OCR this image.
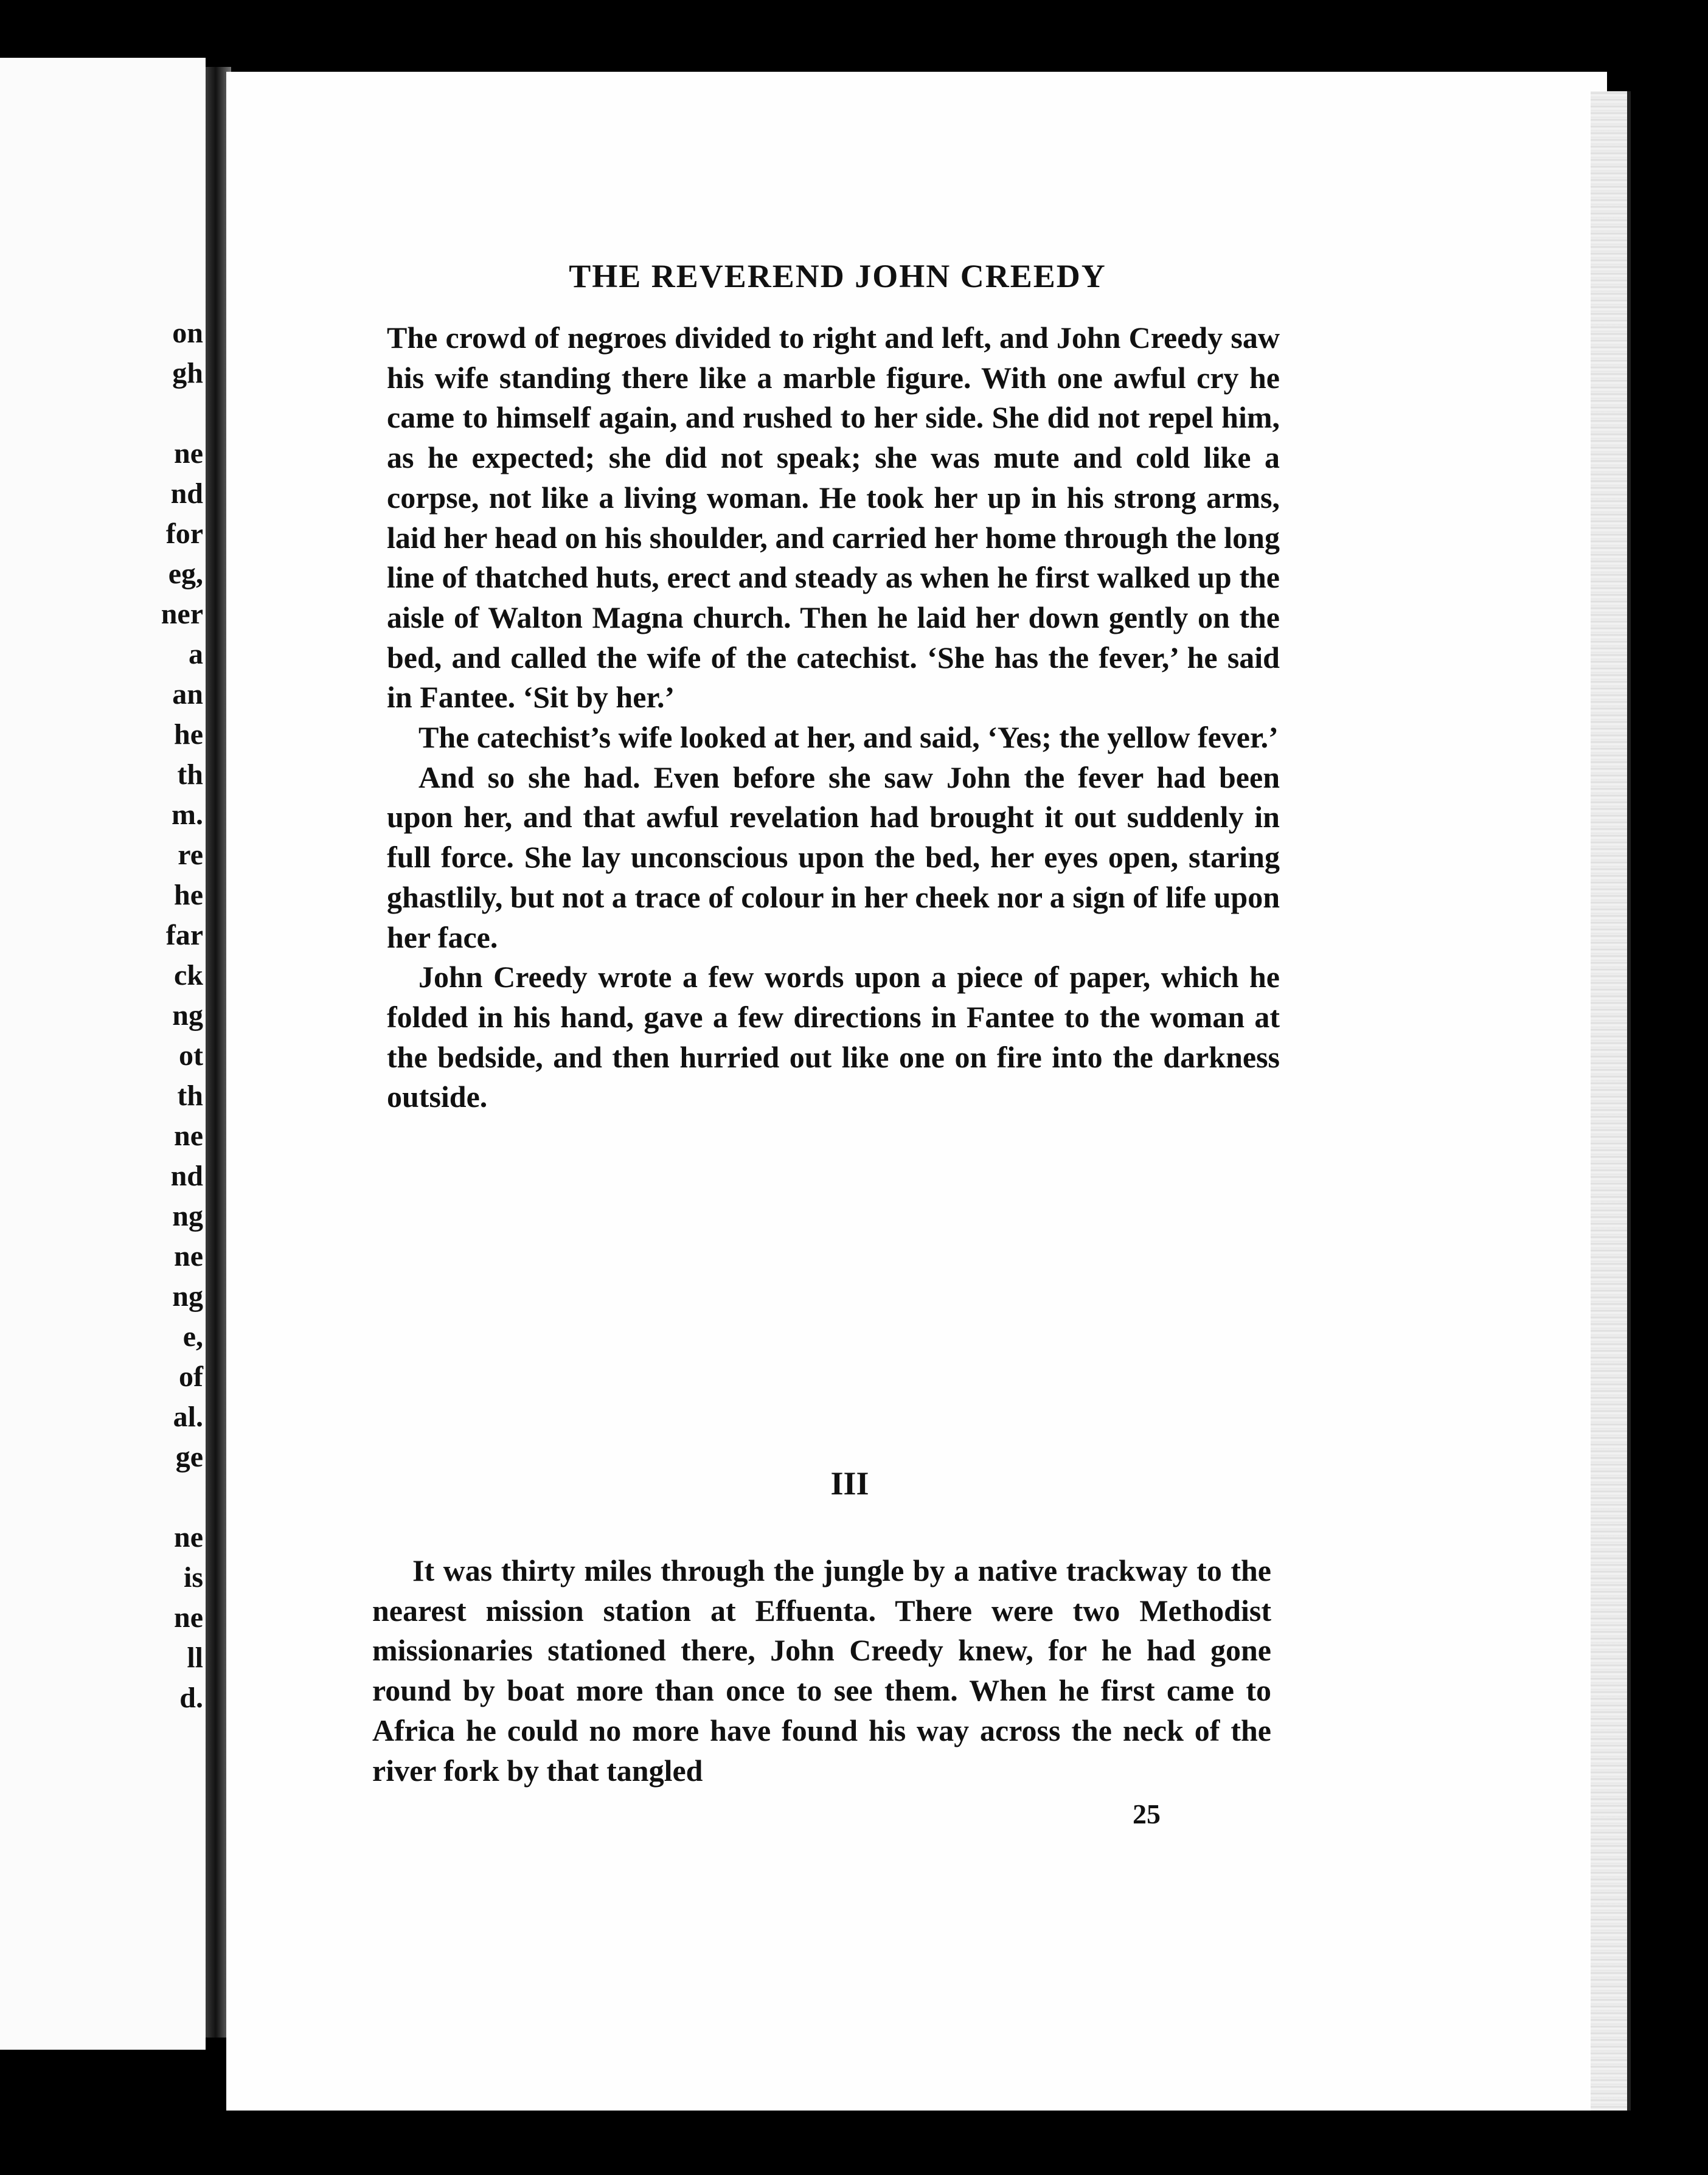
on
gh
ne
nd
for
eg,
ner
a
an
he
th
m.
re
he
far
ck
ng
ot
th
ne
nd
ng
ne
ng
e,
of
al.
ge
ne
is
ne
ll
d.
THE REVEREND JOHN CREEDY

The crowd of negroes divided to right and left, and John Creedy saw his wife standing there like a marble figure. With one awful cry he came to himself again, and rushed to her side. She did not repel him, as he expected; she did not speak; she was mute and cold like a corpse, not like a living woman. He took her up in his strong arms, laid her head on his shoulder, and carried her home through the long line of thatched huts, erect and steady as when he first walked up the aisle of Walton Magna church. Then he laid her down gently on the bed, and called the wife of the catechist. ‘She has the fever,’ he said in Fantee. ‘Sit by her.’

The catechist’s wife looked at her, and said, ‘Yes; the yellow fever.’

And so she had. Even before she saw John the fever had been upon her, and that awful revelation had brought it out suddenly in full force. She lay unconscious upon the bed, her eyes open, staring ghastlily, but not a trace of colour in her cheek nor a sign of life upon her face.

John Creedy wrote a few words upon a piece of paper, which he folded in his hand, gave a few directions in Fantee to the woman at the bedside, and then hurried out like one on fire into the darkness outside.

III

It was thirty miles through the jungle by a native trackway to the nearest mission station at Effuenta. There were two Methodist missionaries stationed there, John Creedy knew, for he had gone round by boat more than once to see them. When he first came to Africa he could no more have found his way across the neck of the river fork by that tangled

25
